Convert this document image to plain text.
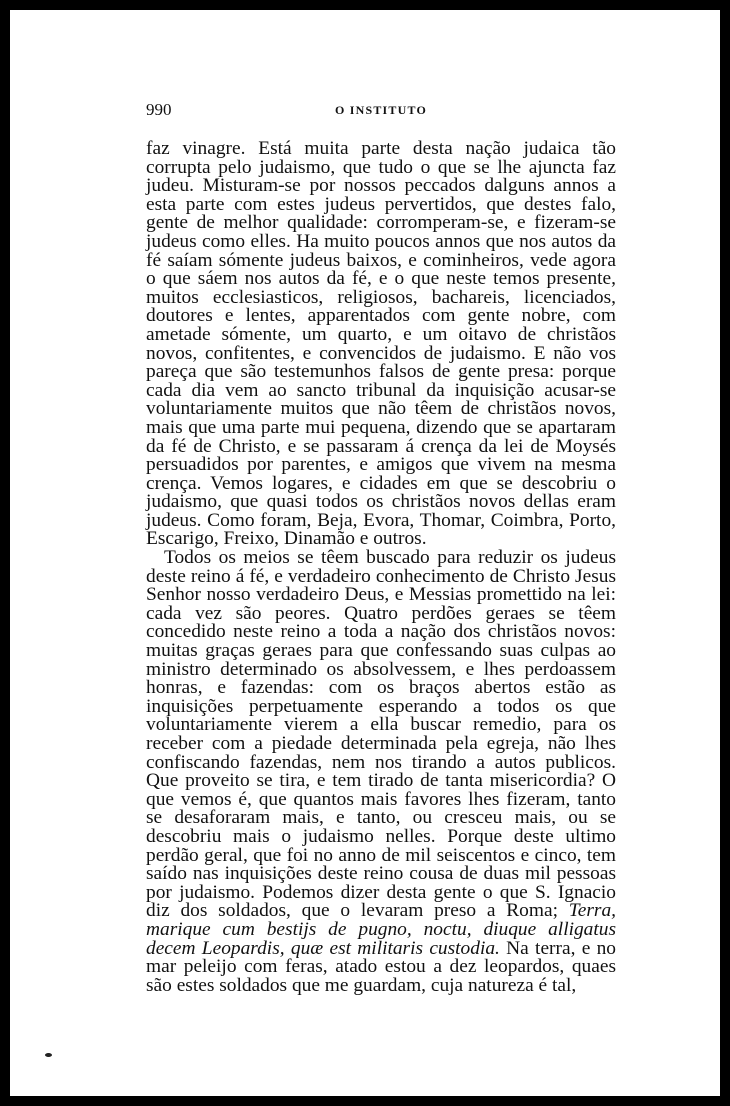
990	O INSTITUTO

faz vinagre. Está muita parte desta nação judaica tão corrupta pelo judaismo, que tudo o que se lhe ajuncta faz judeu. Misturam-se por nossos peccados dalguns annos a esta parte com estes judeus pervertidos, que destes falo, gente de melhor qualidade: corromperam-se, e fizeram-se judeus como elles. Ha muito poucos annos que nos autos da fé saíam sómente judeus baixos, e cominheiros, vede agora o que sáem nos autos da fé, e o que neste temos presente, muitos ecclesiasticos, religiosos, bachareis, licenciados, doutores e lentes, apparentados com gente nobre, com ametade sómente, um quarto, e um oitavo de christãos novos, confitentes, e convencidos de judaismo. E não vos pareça que são testemunhos falsos de gente presa: porque cada dia vem ao sancto tribunal da inquisição acusar-se voluntariamente muitos que não têem de christãos novos, mais que uma parte mui pequena, dizendo que se apartaram da fé de Christo, e se passaram á crença da lei de Moysés persuadidos por parentes, e amigos que vivem na mesma crença. Vemos logares, e cidades em que se descobriu o judaismo, que quasi todos os christãos novos dellas eram judeus. Como foram, Beja, Evora, Thomar, Coimbra, Porto, Escarigo, Freixo, Dinamão e outros.

Todos os meios se têem buscado para reduzir os judeus deste reino á fé, e verdadeiro conhecimento de Christo Jesus Senhor nosso verdadeiro Deus, e Messias promettido na lei: cada vez são peores. Quatro perdões geraes se têem concedido neste reino a toda a nação dos christãos novos: muitas graças geraes para que confessando suas culpas ao ministro determinado os absolvessem, e lhes perdoassem honras, e fazendas: com os braços abertos estão as inquisições perpetuamente esperando a todos os que voluntariamente vierem a ella buscar remedio, para os receber com a piedade determinada pela egreja, não lhes confiscando fazendas, nem nos tirando a autos publicos. Que proveito se tira, e tem tirado de tanta misericordia? O que vemos é, que quantos mais favores lhes fizeram, tanto se desaforaram mais, e tanto, ou cresceu mais, ou se descobriu mais o judaismo nelles. Porque deste ultimo perdão geral, que foi no anno de mil seiscentos e cinco, tem saído nas inquisições deste reino cousa de duas mil pessoas por judaismo. Podemos dizer desta gente o que S. Ignacio diz dos soldados, que o levaram preso a Roma; Terra, marique cum bestijs de pugno, noctu, diuque alligatus decem Leopardis, quæ est militaris custodia. Na terra, e no mar peleijo com feras, atado estou a dez leopardos, quaes são estes soldados que me guardam, cuja natureza é tal,
